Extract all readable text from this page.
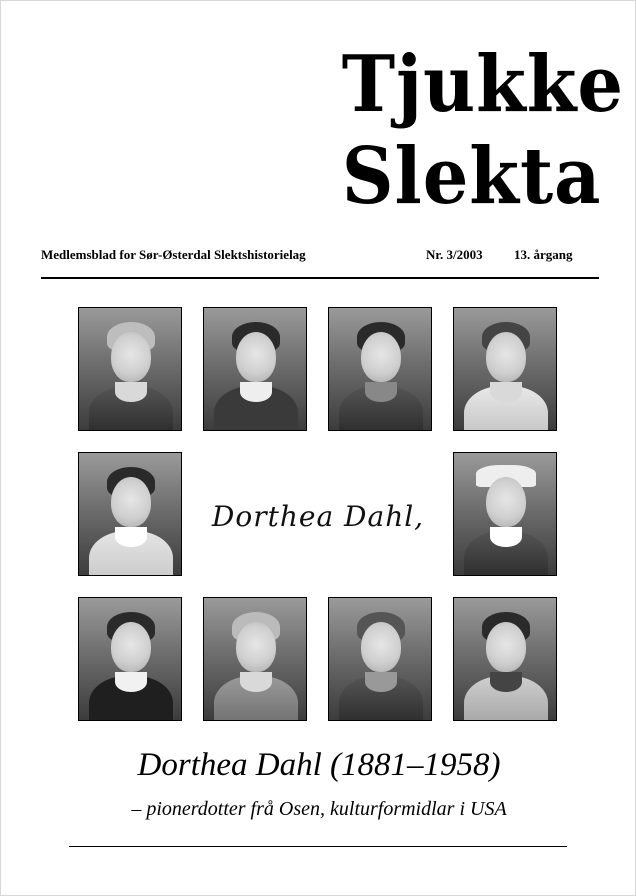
Tjukke
Slekta
Medlemsblad for Sør-Østerdal Slektshistorielag	Nr. 3/2003 13. årgang
Dorthea Dahl,
Dorthea Dahl (1881–1958)
– pionerdotter frå Osen, kulturformidlar i USA
